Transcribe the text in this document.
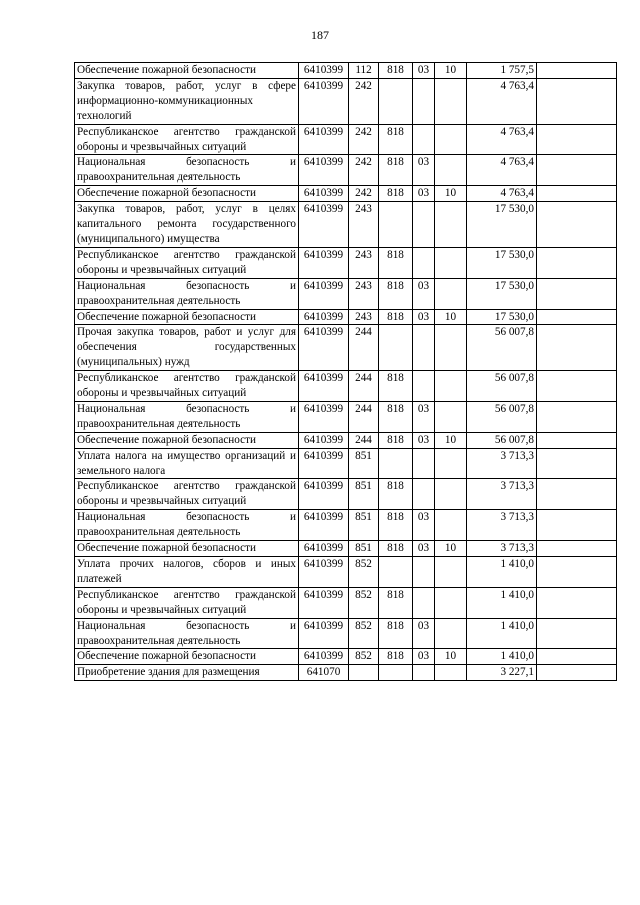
187
Обеспечение пожарной безопасности	6410399	112	818	03	10	1 757,5	
Закупка товаров, работ, услуг в сфере информационно-коммуникационных технологий	6410399	242				4 763,4	
Республиканское агентство гражданской обороны и чрезвычайных ситуаций	6410399	242	818			4 763,4	
Национальная безопасность и правоохранительная деятельность	6410399	242	818	03		4 763,4	
Обеспечение пожарной безопасности	6410399	242	818	03	10	4 763,4	
Закупка товаров, работ, услуг в целях капитального ремонта государственного (муниципального) имущества	6410399	243				17 530,0	
Республиканское агентство гражданской обороны и чрезвычайных ситуаций	6410399	243	818			17 530,0	
Национальная безопасность и правоохранительная деятельность	6410399	243	818	03		17 530,0	
Обеспечение пожарной безопасности	6410399	243	818	03	10	17 530,0	
Прочая закупка товаров, работ и услуг для обеспечения государственных (муниципальных) нужд	6410399	244				56 007,8	
Республиканское агентство гражданской обороны и чрезвычайных ситуаций	6410399	244	818			56 007,8	
Национальная безопасность и правоохранительная деятельность	6410399	244	818	03		56 007,8	
Обеспечение пожарной безопасности	6410399	244	818	03	10	56 007,8	
Уплата налога на имущество организаций и земельного налога	6410399	851				3 713,3	
Республиканское агентство гражданской обороны и чрезвычайных ситуаций	6410399	851	818			3 713,3	
Национальная безопасность и правоохранительная деятельность	6410399	851	818	03		3 713,3	
Обеспечение пожарной безопасности	6410399	851	818	03	10	3 713,3	
Уплата прочих налогов, сборов и иных платежей	6410399	852				1 410,0	
Республиканское агентство гражданской обороны и чрезвычайных ситуаций	6410399	852	818			1 410,0	
Национальная безопасность и правоохранительная деятельность	6410399	852	818	03		1 410,0	
Обеспечение пожарной безопасности	6410399	852	818	03	10	1 410,0	
Приобретение здания для размещения	641070					3 227,1	
